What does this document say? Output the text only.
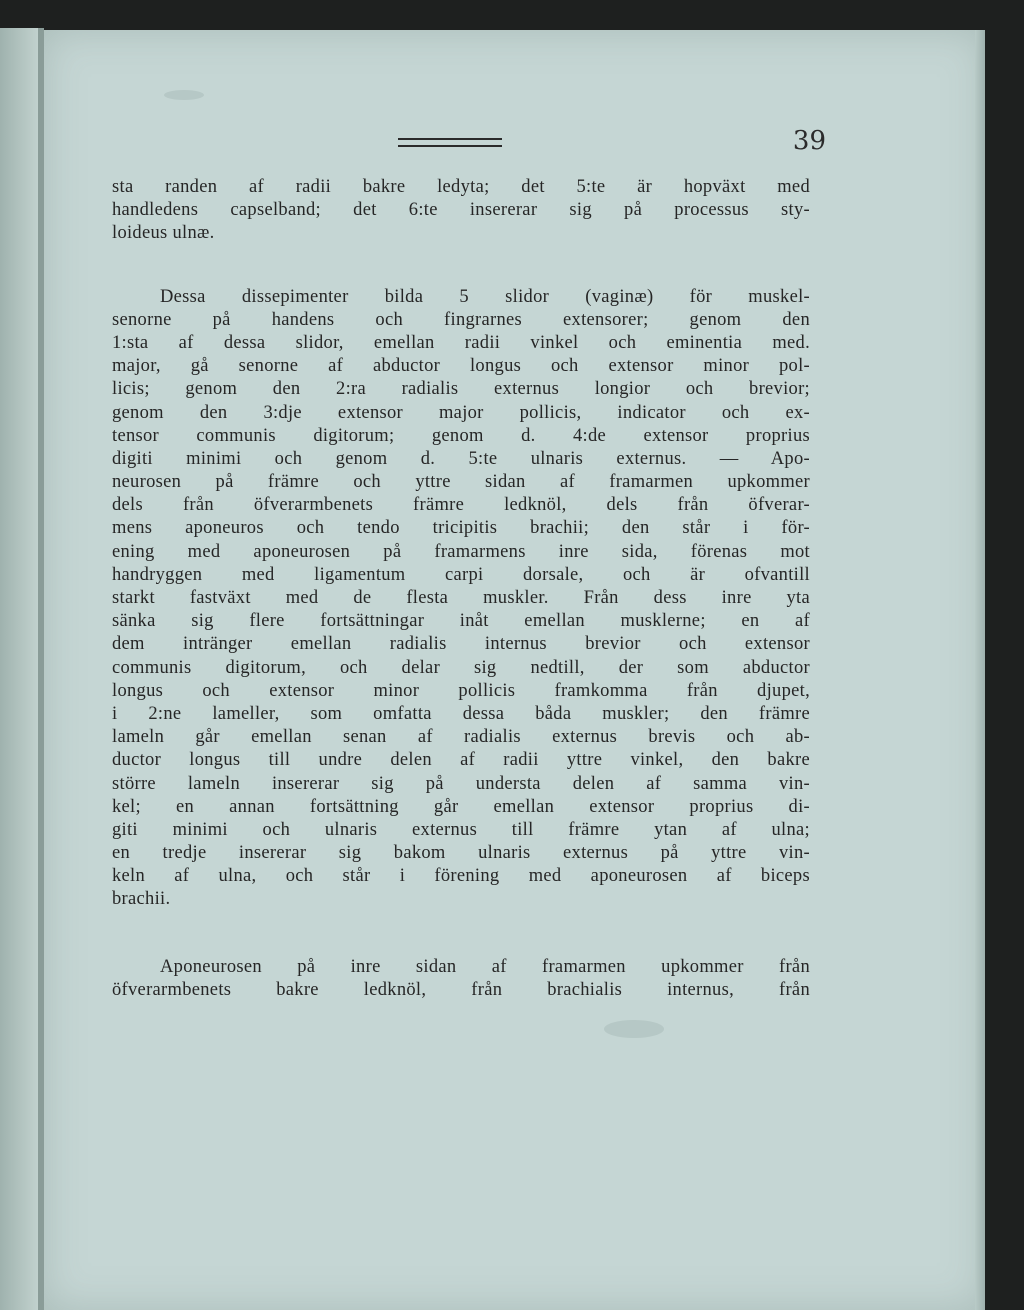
39
sta randen af radii bakre ledyta; det 5:te är hopväxt med
handledens capselband; det 6:te insererar sig på processus sty-
loideus ulnæ.
Dessa dissepimenter bilda 5 slidor (vaginæ) för muskel-
senorne på handens och fingrarnes extensorer; genom den
1:sta af dessa slidor, emellan radii vinkel och eminentia med.
major, gå senorne af abductor longus och extensor minor pol-
licis; genom den 2:ra radialis externus longior och brevior;
genom den 3:dje extensor major pollicis, indicator och ex-
tensor communis digitorum; genom d. 4:de extensor proprius
digiti minimi och genom d. 5:te ulnaris externus. — Apo-
neurosen på främre och yttre sidan af framarmen upkommer
dels från öfverarmbenets främre ledknöl, dels från öfverar-
mens aponeuros och tendo tricipitis brachii; den står i för-
ening med aponeurosen på framarmens inre sida, förenas mot
handryggen med ligamentum carpi dorsale, och är ofvantill
starkt fastväxt med de flesta muskler. Från dess inre yta
sänka sig flere fortsättningar inåt emellan musklerne; en af
dem intränger emellan radialis internus brevior och extensor
communis digitorum, och delar sig nedtill, der som abductor
longus och extensor minor pollicis framkomma från djupet,
i 2:ne lameller, som omfatta dessa båda muskler; den främre
lameln går emellan senan af radialis externus brevis och ab-
ductor longus till undre delen af radii yttre vinkel, den bakre
större lameln insererar sig på understa delen af samma vin-
kel; en annan fortsättning går emellan extensor proprius di-
giti minimi och ulnaris externus till främre ytan af ulna;
en tredje insererar sig bakom ulnaris externus på yttre vin-
keln af ulna, och står i förening med aponeurosen af biceps
brachii.
Aponeurosen på inre sidan af framarmen upkommer från
öfverarmbenets bakre ledknöl, från brachialis internus, från
